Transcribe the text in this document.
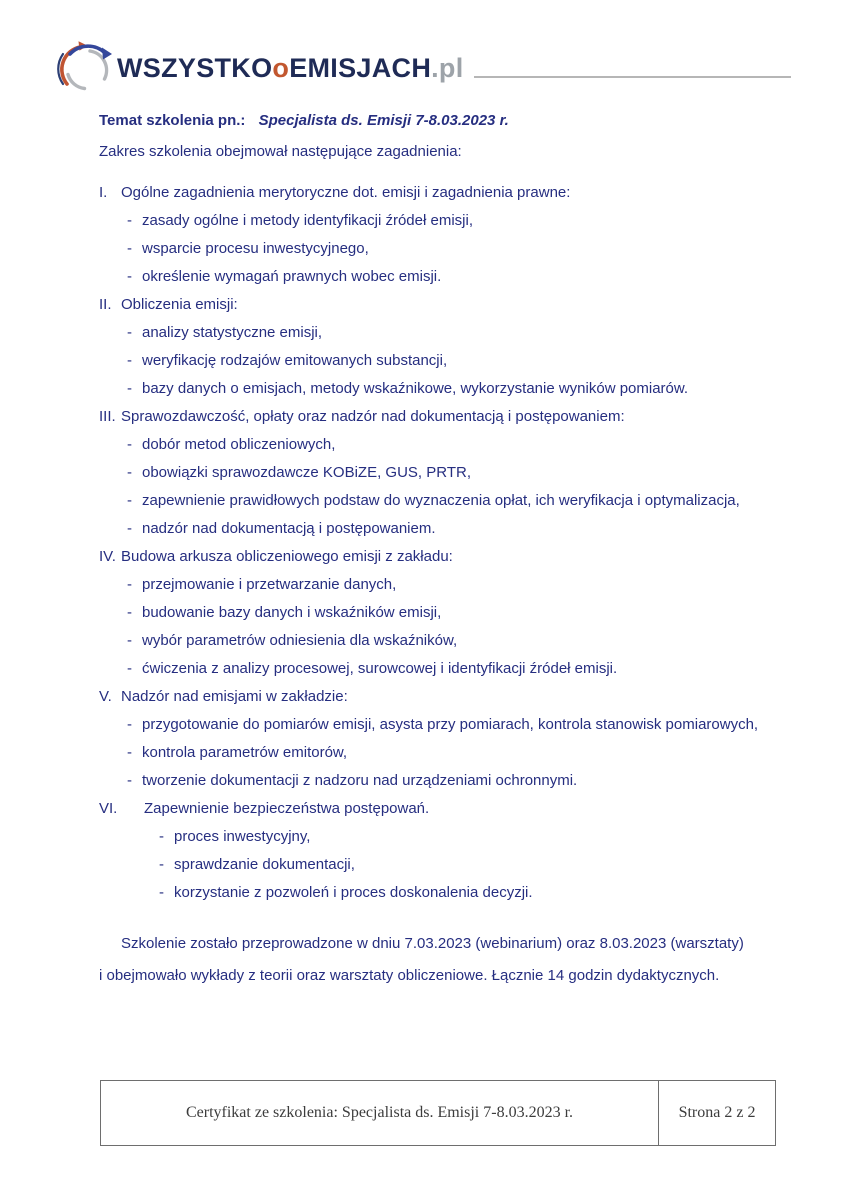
WSZYSTKOoEMISJACH.pl
Temat szkolenia pn.: Specjalista ds. Emisji 7-8.03.2023 r.
Zakres szkolenia obejmował następujące zagadnienia:
I. Ogólne zagadnienia merytoryczne dot. emisji i zagadnienia prawne:
- zasady ogólne i metody identyfikacji źródeł emisji,
- wsparcie procesu inwestycyjnego,
- określenie wymagań prawnych wobec emisji.
II. Obliczenia emisji:
- analizy statystyczne emisji,
- weryfikację rodzajów emitowanych substancji,
- bazy danych o emisjach, metody wskaźnikowe, wykorzystanie wyników pomiarów.
III. Sprawozdawczość, opłaty oraz nadzór nad dokumentacją i postępowaniem:
- dobór metod obliczeniowych,
- obowiązki sprawozdawcze KOBiZE, GUS, PRTR,
- zapewnienie prawidłowych podstaw do wyznaczenia opłat, ich weryfikacja i optymalizacja,
- nadzór nad dokumentacją i postępowaniem.
IV. Budowa arkusza obliczeniowego emisji z zakładu:
- przejmowanie i przetwarzanie danych,
- budowanie bazy danych i wskaźników emisji,
- wybór parametrów odniesienia dla wskaźników,
- ćwiczenia z analizy procesowej, surowcowej i identyfikacji źródeł emisji.
V. Nadzór nad emisjami w zakładzie:
- przygotowanie do pomiarów emisji, asysta przy pomiarach, kontrola stanowisk pomiarowych,
- kontrola parametrów emitorów,
- tworzenie dokumentacji z nadzoru nad urządzeniami ochronnymi.
VI.	Zapewnienie bezpieczeństwa postępowań.
- proces inwestycyjny,
- sprawdzanie dokumentacji,
- korzystanie z pozwoleń i proces doskonalenia decyzji.
Szkolenie zostało przeprowadzone w dniu 7.03.2023 (webinarium) oraz 8.03.2023 (warsztaty)
i obejmowało wykłady z teorii oraz warsztaty obliczeniowe. Łącznie 14 godzin dydaktycznych.
Certyfikat ze szkolenia: Specjalista ds. Emisji 7-8.03.2023 r.	Strona 2 z 2
